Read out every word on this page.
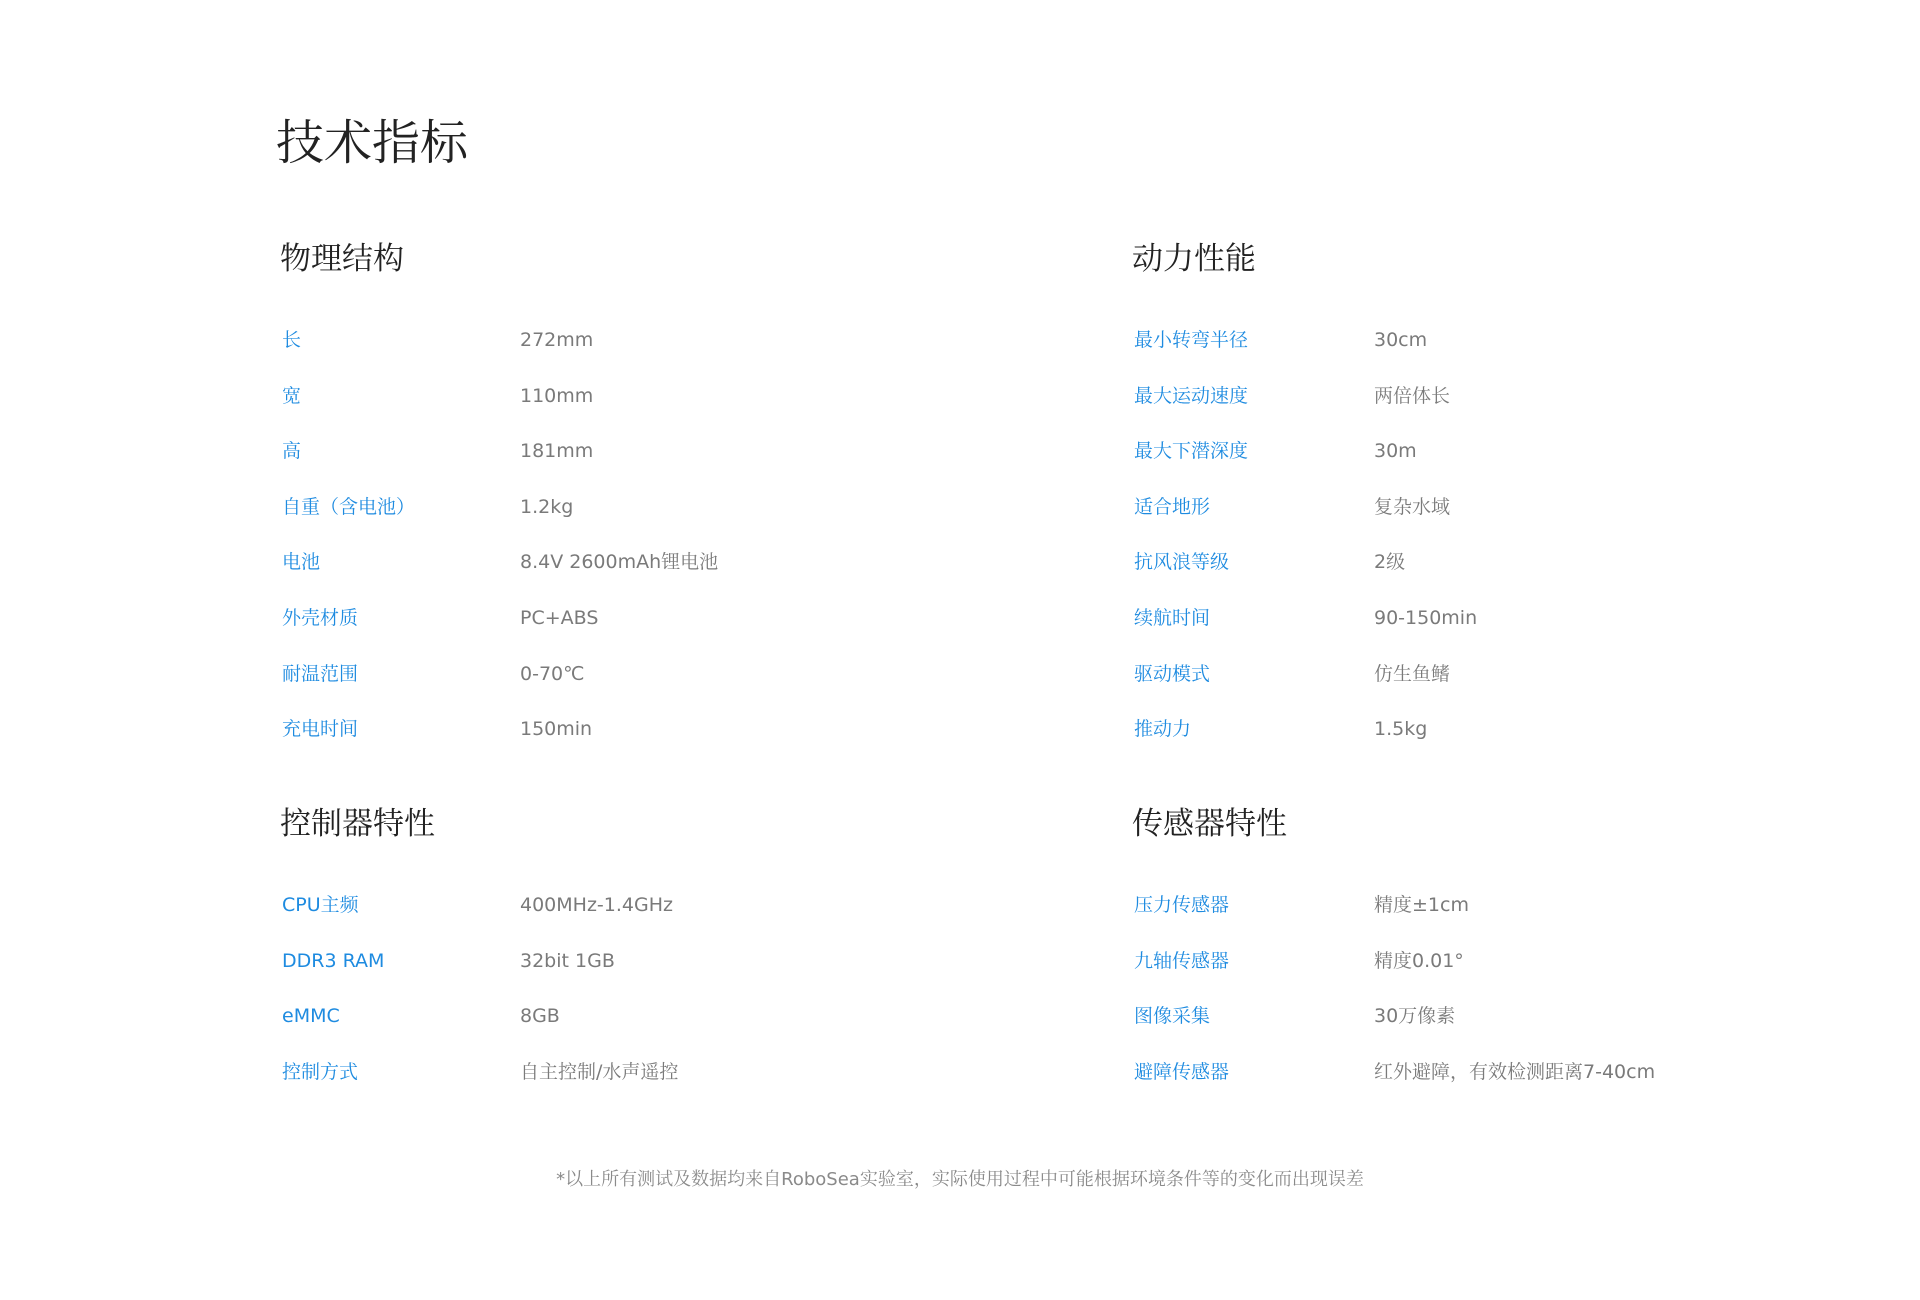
技术指标
物理结构
长	272mm
宽	110mm
高	181mm
自重（含电池）	1.2kg
电池	8.4V 2600mAh锂电池
外壳材质	PC+ABS
耐温范围	0-70℃
充电时间	150min
动力性能
最小转弯半径	30cm
最大运动速度	两倍体长
最大下潜深度	30m
适合地形	复杂水域
抗风浪等级	2级
续航时间	90-150min
驱动模式	仿生鱼鳍
推动力	1.5kg
控制器特性
CPU主频	400MHz-1.4GHz
DDR3 RAM	32bit 1GB
eMMC	8GB
控制方式	自主控制/水声遥控
传感器特性
压力传感器	精度±1cm
九轴传感器	精度0.01°
图像采集	30万像素
避障传感器	红外避障，有效检测距离7-40cm

*以上所有测试及数据均来自RoboSea实验室，实际使用过程中可能根据环境条件等的变化而出现误差
